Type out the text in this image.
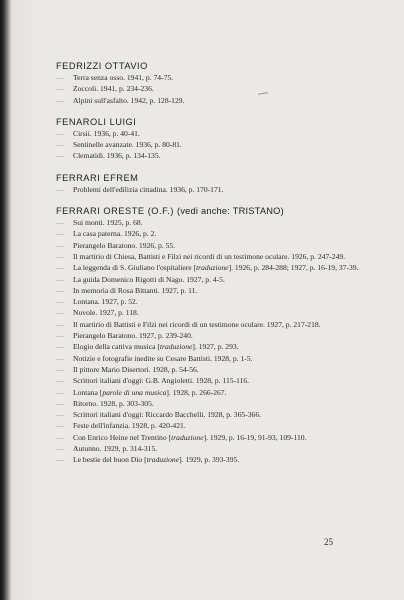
FEDRIZZI OTTAVIO

— Terra senza osso. 1941, p. 74-75.
— Zoccoli. 1941, p. 234-236.
— Alpini sull'asfalto. 1942, p. 128-129.

FENAROLI LUIGI

— Cirsii. 1936, p. 40-41.
— Sentinelle avanzate. 1936, p. 80-81.
— Clematidi. 1936, p. 134-135.

FERRARI EFREM

— Problemi dell'edilizia cittadina. 1936, p. 170-171.

FERRARI ORESTE (O.F.) (vedi anche: TRISTANO)

— Sui monti. 1925, p. 68.
— La casa paterna. 1926, p. 2.
— Pierangelo Baratono. 1926, p. 55.
— Il martirio di Chiesa, Battisti e Filzi nei ricordi di un testimone oculare. 1926, p. 247-249.
— La leggenda di S. Giuliano l'ospitaliere [traduzione]. 1926, p. 284-288; 1927, p. 16-19, 37-39.
— La guida Domenico Rigotti di Nago. 1927, p. 4-5.
— In memoria di Rosa Bittanti. 1927, p. 11.
— Lontana. 1927, p. 52.
— Nuvole. 1927, p. 118.
— Il martirio di Battisti e Filzi nei ricordi di un testimone oculare. 1927, p. 217-218.
— Pierangelo Baratono. 1927, p. 239-240.
— Elogio della cattiva musica [traduzione]. 1927, p. 293.
— Notizie e fotografie inedite su Cesare Battisti. 1928, p. 1-5.
— Il pittore Mario Disertori. 1928, p. 54-56.
— Scrittori italiani d'oggi: G.B. Angioletti. 1928, p. 115-116.
— Lontana [parole di una musica]. 1928, p. 266-267.
— Ritorno. 1928, p. 303-305.
— Scrittori italiani d'oggi: Riccardo Bacchelli. 1928, p. 365-366.
— Feste dell'infanzia. 1928, p. 420-421.
— Con Enrico Heine nel Trentino [traduzione]. 1929, p. 16-19, 91-93, 109-110.
— Autunno. 1929, p. 314-315.
— Le bestie del buon Dio [traduzione]. 1929, p. 393-395.
25
